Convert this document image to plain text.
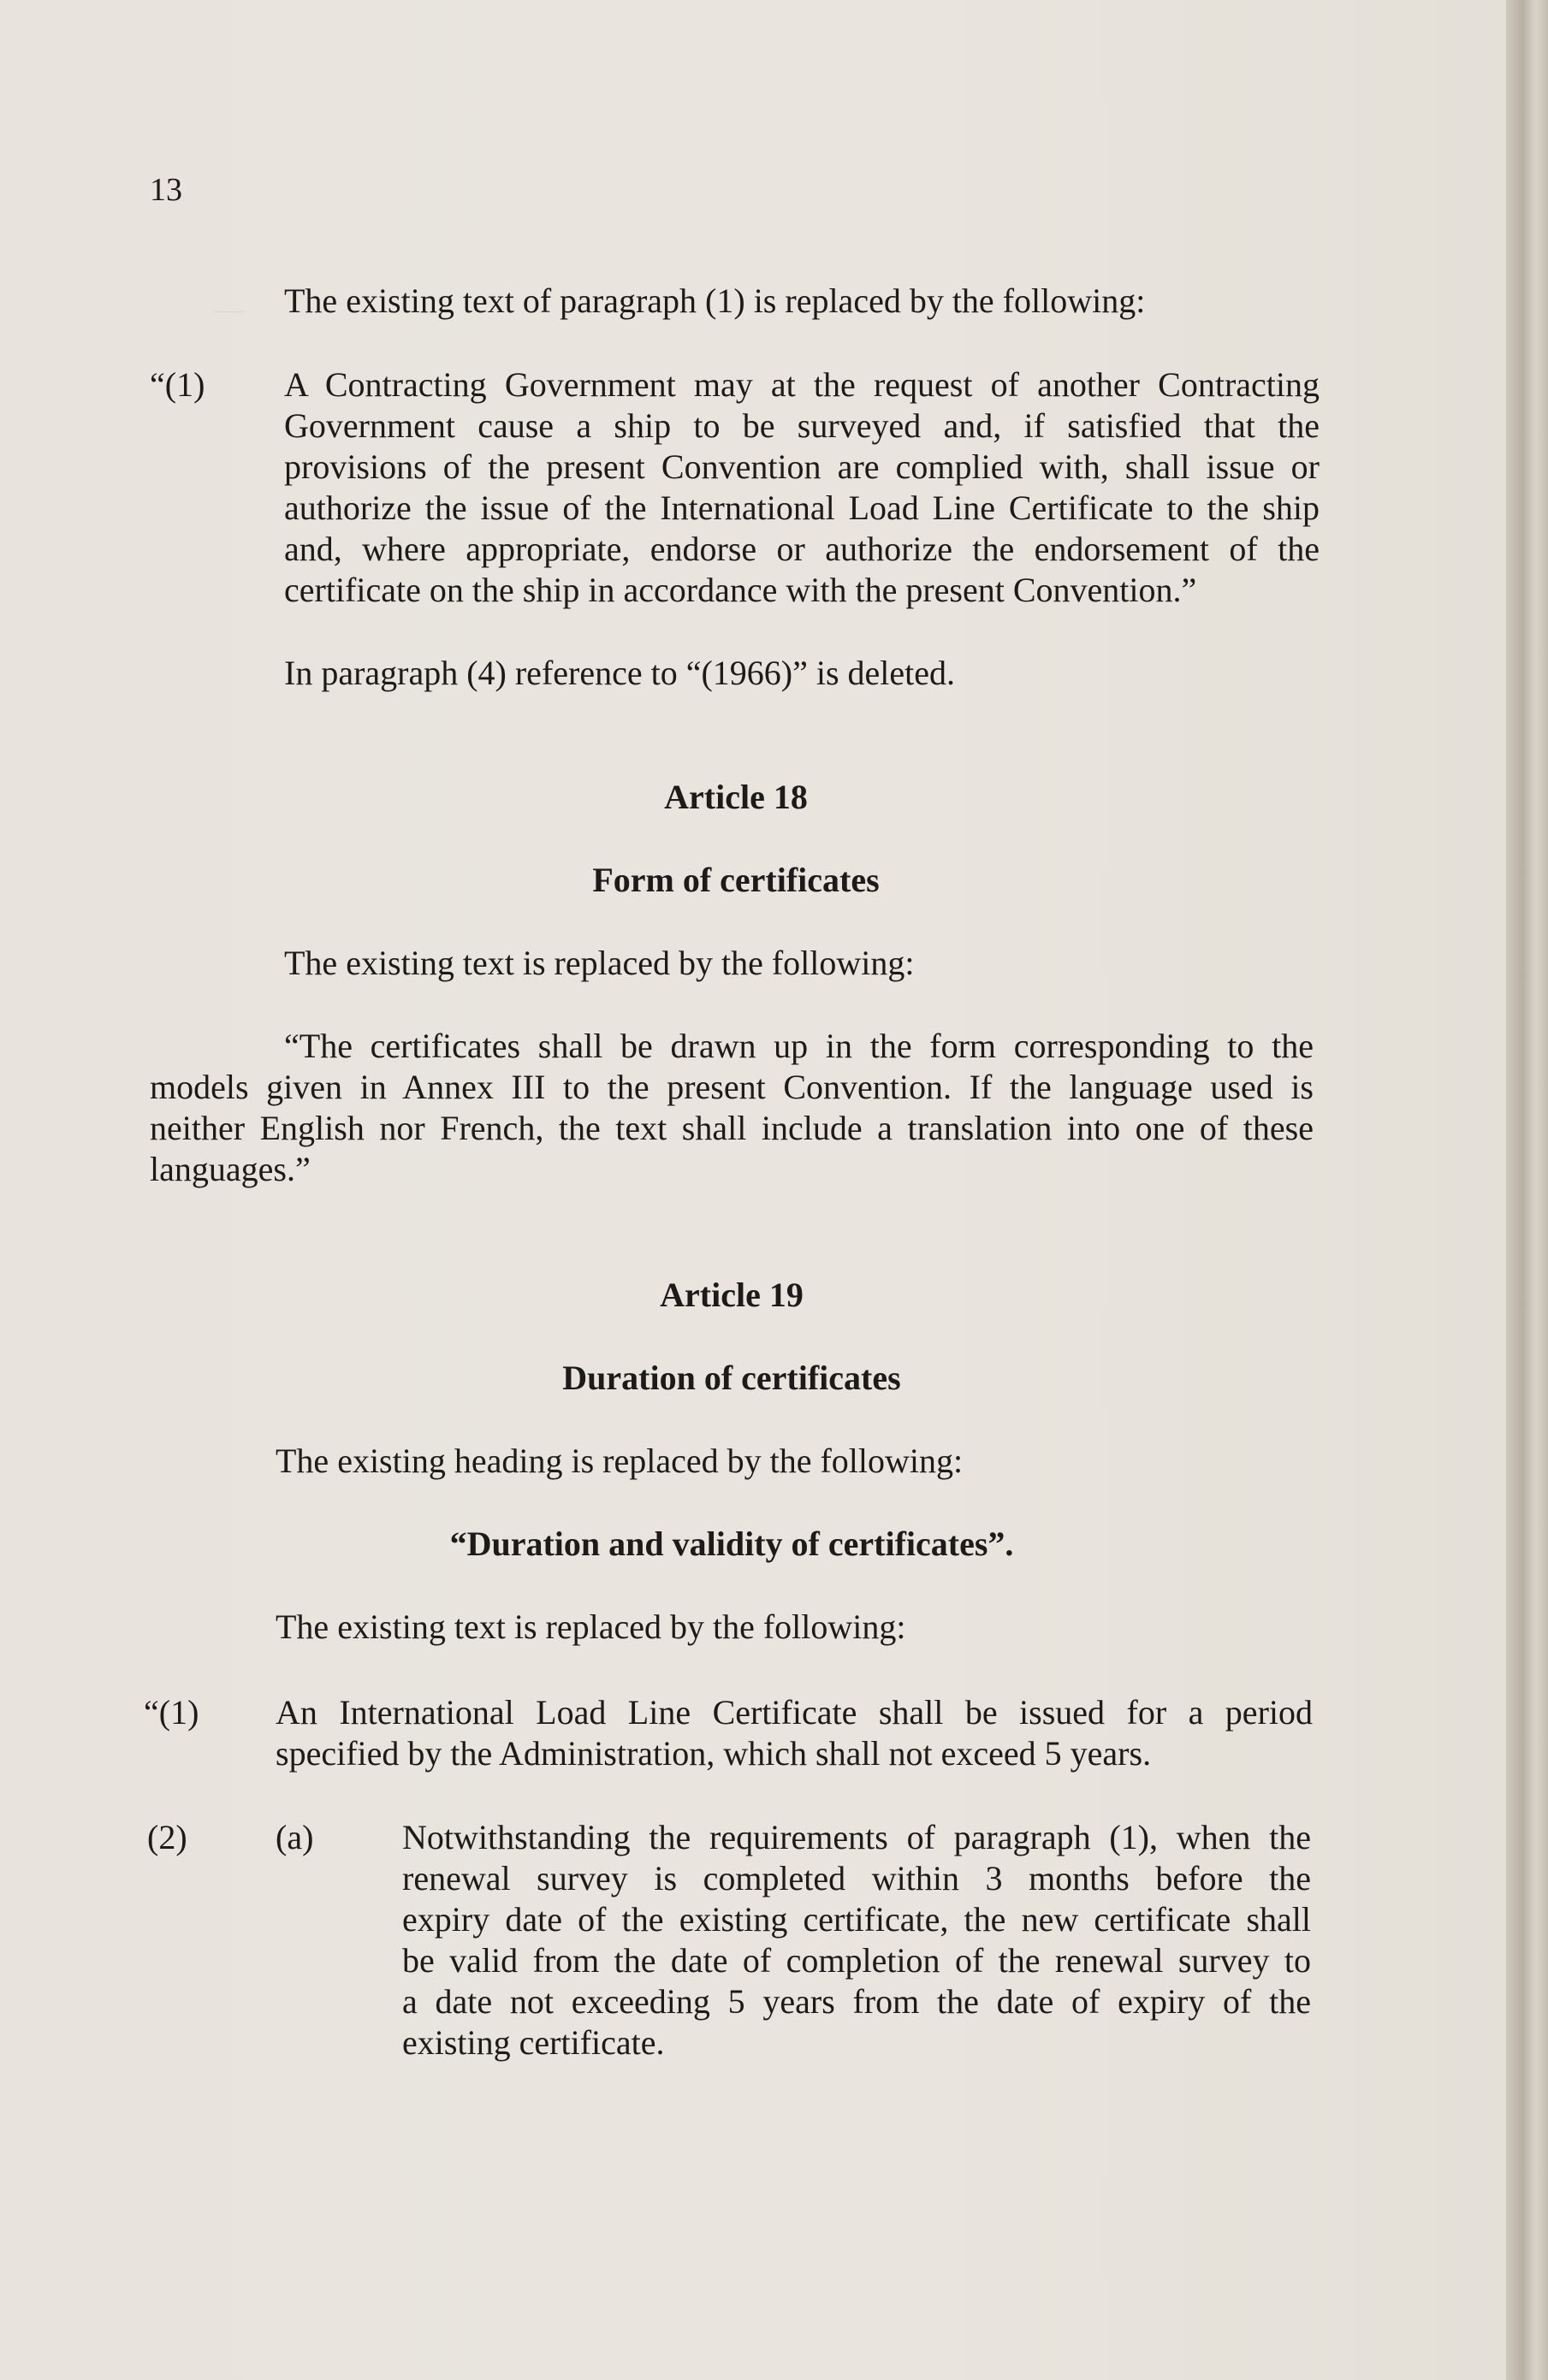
—
13
The existing text of paragraph (1) is replaced by the following:
“(1) A Contracting Government may at the request of another Contracting
Government cause a ship to be surveyed and, if satisfied that the
provisions of the present Convention are complied with, shall issue or
authorize the issue of the International Load Line Certificate to the ship
and, where appropriate, endorse or authorize the endorsement of the
certificate on the ship in accordance with the present Convention.”
In paragraph (4) reference to “(1966)” is deleted.
Article 18
Form of certificates
The existing text is replaced by the following:
“The certificates shall be drawn up in the form corresponding to the
models given in Annex III to the present Convention. If the language used is
neither English nor French, the text shall include a translation into one of these
languages.”
Article 19
Duration of certificates
The existing heading is replaced by the following:
“Duration and validity of certificates”.
The existing text is replaced by the following:
“(1) An International Load Line Certificate shall be issued for a period
specified by the Administration, which shall not exceed 5 years.
(2)	(a)	Notwithstanding the requirements of paragraph (1), when the
renewal survey is completed within 3 months before the
expiry date of the existing certificate, the new certificate shall
be valid from the date of completion of the renewal survey to
a date not exceeding 5 years from the date of expiry of the
existing certificate.
